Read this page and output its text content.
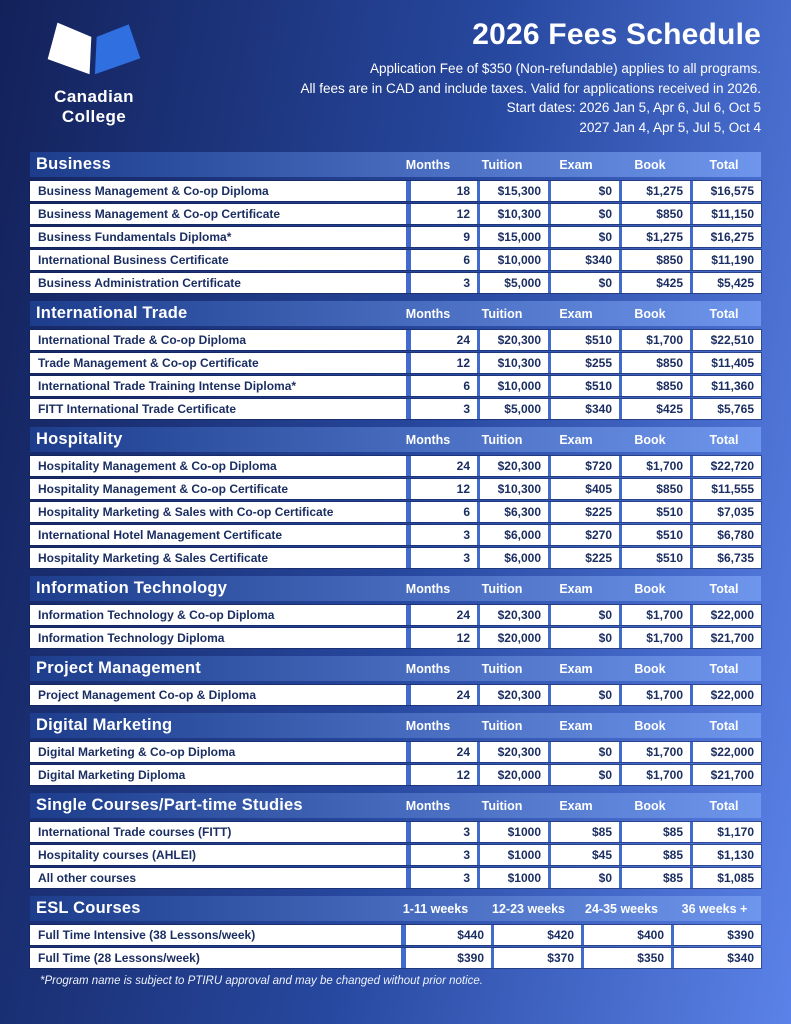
Canadian
College
2026 Fees Schedule
Application Fee of $350 (Non-refundable) applies to all programs.
All fees are in CAD and include taxes. Valid for applications received in 2026.
Start dates: 2026 Jan 5, Apr 6, Jul 6, Oct 5
2027 Jan 4, Apr 5, Jul 5, Oct 4
Business	Months	Tuition	Exam	Book	Total
Business Management & Co-op Diploma	18	$15,300	$0	$1,275	$16,575
Business Management & Co-op Certificate	12	$10,300	$0	$850	$11,150
Business Fundamentals Diploma*	9	$15,000	$0	$1,275	$16,275
International Business Certificate	6	$10,000	$340	$850	$11,190
Business Administration Certificate	3	$5,000	$0	$425	$5,425
International Trade	Months	Tuition	Exam	Book	Total
International Trade & Co-op Diploma	24	$20,300	$510	$1,700	$22,510
Trade Management & Co-op Certificate	12	$10,300	$255	$850	$11,405
International Trade Training Intense Diploma*	6	$10,000	$510	$850	$11,360
FITT International Trade Certificate	3	$5,000	$340	$425	$5,765
Hospitality	Months	Tuition	Exam	Book	Total
Hospitality Management & Co-op Diploma	24	$20,300	$720	$1,700	$22,720
Hospitality Management & Co-op Certificate	12	$10,300	$405	$850	$11,555
Hospitality Marketing & Sales with Co-op Certificate	6	$6,300	$225	$510	$7,035
International Hotel Management Certificate	3	$6,000	$270	$510	$6,780
Hospitality Marketing & Sales Certificate	3	$6,000	$225	$510	$6,735
Information Technology	Months	Tuition	Exam	Book	Total
Information Technology & Co-op Diploma	24	$20,300	$0	$1,700	$22,000
Information Technology Diploma	12	$20,000	$0	$1,700	$21,700
Project Management	Months	Tuition	Exam	Book	Total
Project Management Co-op & Diploma	24	$20,300	$0	$1,700	$22,000
Digital Marketing	Months	Tuition	Exam	Book	Total
Digital Marketing & Co-op Diploma	24	$20,300	$0	$1,700	$22,000
Digital Marketing Diploma	12	$20,000	$0	$1,700	$21,700
Single Courses/Part-time Studies	Months	Tuition	Exam	Book	Total
International Trade courses (FITT)	3	$1000	$85	$85	$1,170
Hospitality courses (AHLEI)	3	$1000	$45	$85	$1,130
All other courses	3	$1000	$0	$85	$1,085
ESL Courses	1-11 weeks	12-23 weeks	24-35 weeks	36 weeks +
Full Time Intensive (38 Lessons/week)	$440	$420	$400	$390
Full Time (28 Lessons/week)	$390	$370	$350	$340
*Program name is subject to PTIRU approval and may be changed without prior notice.
